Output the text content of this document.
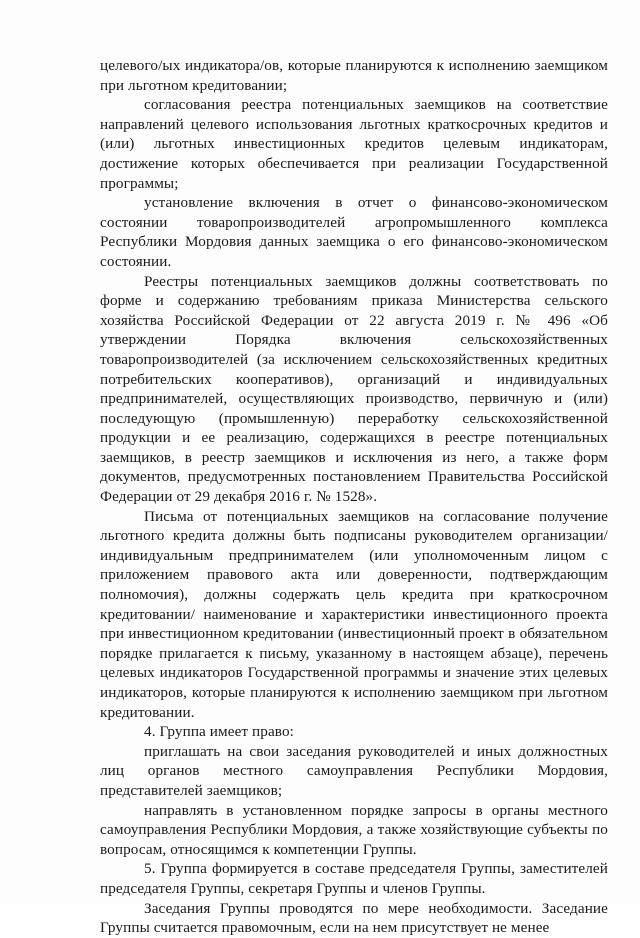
целевого/ых индикатора/ов, которые планируются к исполнению заемщиком при льготном кредитовании;

согласования реестра потенциальных заемщиков на соответствие направлений целевого использования льготных краткосрочных кредитов и (или) льготных инвестиционных кредитов целевым индикаторам, достижение которых обеспечивается при реализации Государственной программы;

установление включения в отчет о финансово-экономическом состоянии товаропроизводителей агропромышленного комплекса Республики Мордовия данных заемщика о его финансово-экономическом состоянии.

Реестры потенциальных заемщиков должны соответствовать по форме и содержанию требованиям приказа Министерства сельского хозяйства Российской Федерации от 22 августа 2019 г. № 496 «Об утверждении Порядка включения сельскохозяйственных товаропроизводителей (за исключением сельскохозяйственных кредитных потребительских кооперативов), организаций и индивидуальных предпринимателей, осуществляющих производство, первичную и (или) последующую (промышленную) переработку сельскохозяйственной продукции и ее реализацию, содержащихся в реестре потенциальных заемщиков, в реестр заемщиков и исключения из него, а также форм документов, предусмотренных постановлением Правительства Российской Федерации от 29 декабря 2016 г. № 1528».

Письма от потенциальных заемщиков на согласование получение льготного кредита должны быть подписаны руководителем организации/индивидуальным предпринимателем (или уполномоченным лицом с приложением правового акта или доверенности, подтверждающим полномочия), должны содержать цель кредита при краткосрочном кредитовании/ наименование и характеристики инвестиционного проекта при инвестиционном кредитовании (инвестиционный проект в обязательном порядке прилагается к письму, указанному в настоящем абзаце), перечень целевых индикаторов Государственной программы и значение этих целевых индикаторов, которые планируются к исполнению заемщиком при льготном кредитовании.

4. Группа имеет право:

приглашать на свои заседания руководителей и иных должностных лиц органов местного самоуправления Республики Мордовия, представителей заемщиков;

направлять в установленном порядке запросы в органы местного самоуправления Республики Мордовия, а также хозяйствующие субъекты по вопросам, относящимся к компетенции Группы.

5. Группа формируется в составе председателя Группы, заместителей председателя Группы, секретаря Группы и членов Группы.

Заседания Группы проводятся по мере необходимости. Заседание Группы считается правомочным, если на нем присутствует не менее
